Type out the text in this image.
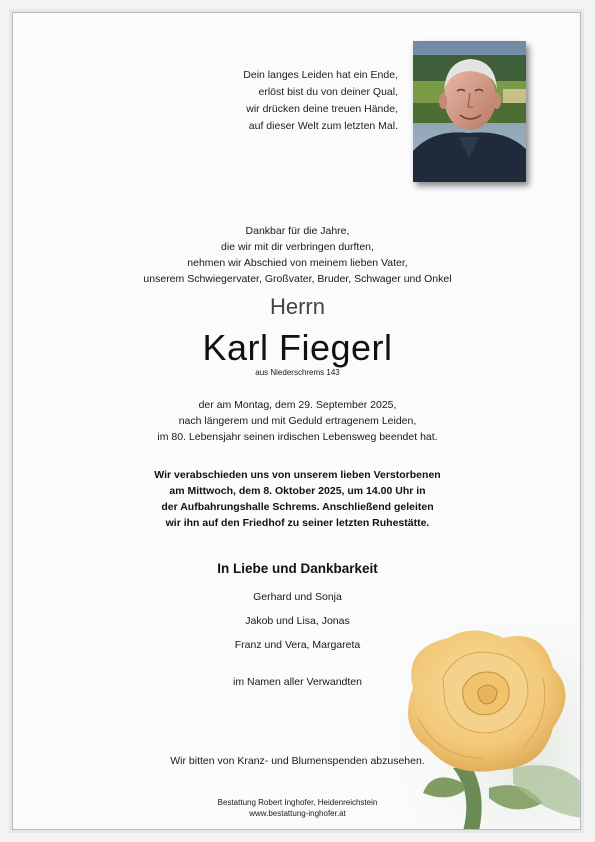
Dein langes Leiden hat ein Ende,
erlöst bist du von deiner Qual,
wir drücken deine treuen Hände,
auf dieser Welt zum letzten Mal.
Dankbar für die Jahre,
die wir mit dir verbringen durften,
nehmen wir Abschied von meinem lieben Vater,
unserem Schwiegervater, Großvater, Bruder, Schwager und Onkel
Herrn
Karl Fiegerl
aus Niederschrems 143
der am Montag, dem 29. September 2025,
nach längerem und mit Geduld ertragenem Leiden,
im 80. Lebensjahr seinen irdischen Lebensweg beendet hat.
Wir verabschieden uns von unserem lieben Verstorbenen
am Mittwoch, dem 8. Oktober 2025, um 14.00 Uhr in
der Aufbahrungshalle Schrems. Anschließend geleiten
wir ihn auf den Friedhof zu seiner letzten Ruhestätte.
In Liebe und Dankbarkeit
Gerhard und Sonja
Jakob und Lisa, Jonas
Franz und Vera, Margareta
im Namen aller Verwandten
Wir bitten von Kranz- und Blumenspenden abzusehen.
Bestattung Robert Inghofer, Heidenreichstein
www.bestattung-inghofer.at
